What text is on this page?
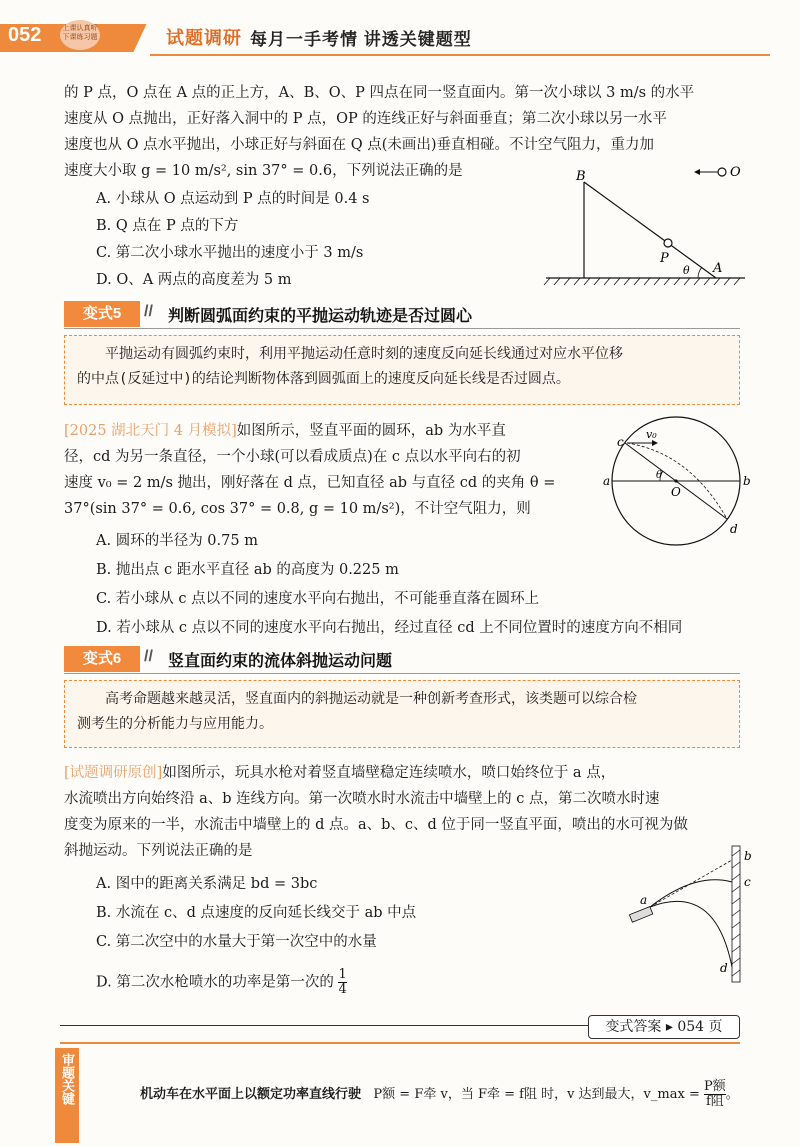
052	上课认真听
下课练习题	试题调研 每月一手考情 讲透关键题型
的 P 点，O 点在 A 点的正上方，A、B、O、P 四点在同一竖直面内。第一次小球以 3 m/s 的水平
速度从 O 点抛出，正好落入洞中的 P 点，OP 的连线正好与斜面垂直；第二次小球以另一水平
速度也从 O 点水平抛出，小球正好与斜面在 Q 点(未画出)垂直相碰。不计空气阻力，重力加
速度大小取 g = 10 m/s², sin 37° = 0.6，下列说法正确的是
A. 小球从 O 点运动到 P 点的时间是 0.4 s
B. Q 点在 P 点的下方
C. 第二次小球水平抛出的速度小于 3 m/s
D. O、A 两点的高度差为 5 m
B	O
P
A
θ
变式5	// 判断圆弧面约束的平抛运动轨迹是否过圆心
平抛运动有圆弧约束时，利用平抛运动任意时刻的速度反向延长线通过对应水平位移
的中点(反延过中)的结论判断物体落到圆弧面上的速度反向延长线是否过圆点。
[2025 湖北天门 4 月模拟]如图所示，竖直平面的圆环，ab 为水平直
径，cd 为另一条直径，一个小球(可以看成质点)在 c 点以水平向右的初
速度 v₀ = 2 m/s 抛出，刚好落在 d 点，已知直径 ab 与直径 cd 的夹角 θ =
37°(sin 37° = 0.6, cos 37° = 0.8, g = 10 m/s²)，不计空气阻力，则
A. 圆环的半径为 0.75 m
B. 抛出点 c 距水平直径 ab 的高度为 0.225 m
C. 若小球从 c 点以不同的速度水平向右抛出，不可能垂直落在圆环上
D. 若小球从 c 点以不同的速度水平向右抛出，经过直径 cd 上不同位置时的速度方向不相同
c
v₀
a	b
O
θ
d
变式6	// 竖直面约束的流体斜抛运动问题
高考命题越来越灵活，竖直面内的斜抛运动就是一种创新考查形式，该类题可以综合检
测考生的分析能力与应用能力。
[试题调研原创]如图所示，玩具水枪对着竖直墙壁稳定连续喷水，喷口始终位于 a 点，
水流喷出方向始终沿 a、b 连线方向。第一次喷水时水流击中墙壁上的 c 点，第二次喷水时速
度变为原来的一半，水流击中墙壁上的 d 点。a、b、c、d 位于同一竖直平面，喷出的水可视为做
斜抛运动。下列说法正确的是
A. 图中的距离关系满足 bd = 3bc
B. 水流在 c、d 点速度的反向延长线交于 ab 中点
C. 第二次空中的水量大于第一次空中的水量
D. 第二次水枪喷水的功率是第一次的 $\frac{1}{4}$
a
b
c
d
变式答案 ▸ 054 页
审题关键	机动车在水平面上以额定功率直线行驶 P额 = F牵 v，当 F牵 = f阻 时，v 达到最大，v_max = $\frac{\text{P额}}{\text{f阻}}$。
